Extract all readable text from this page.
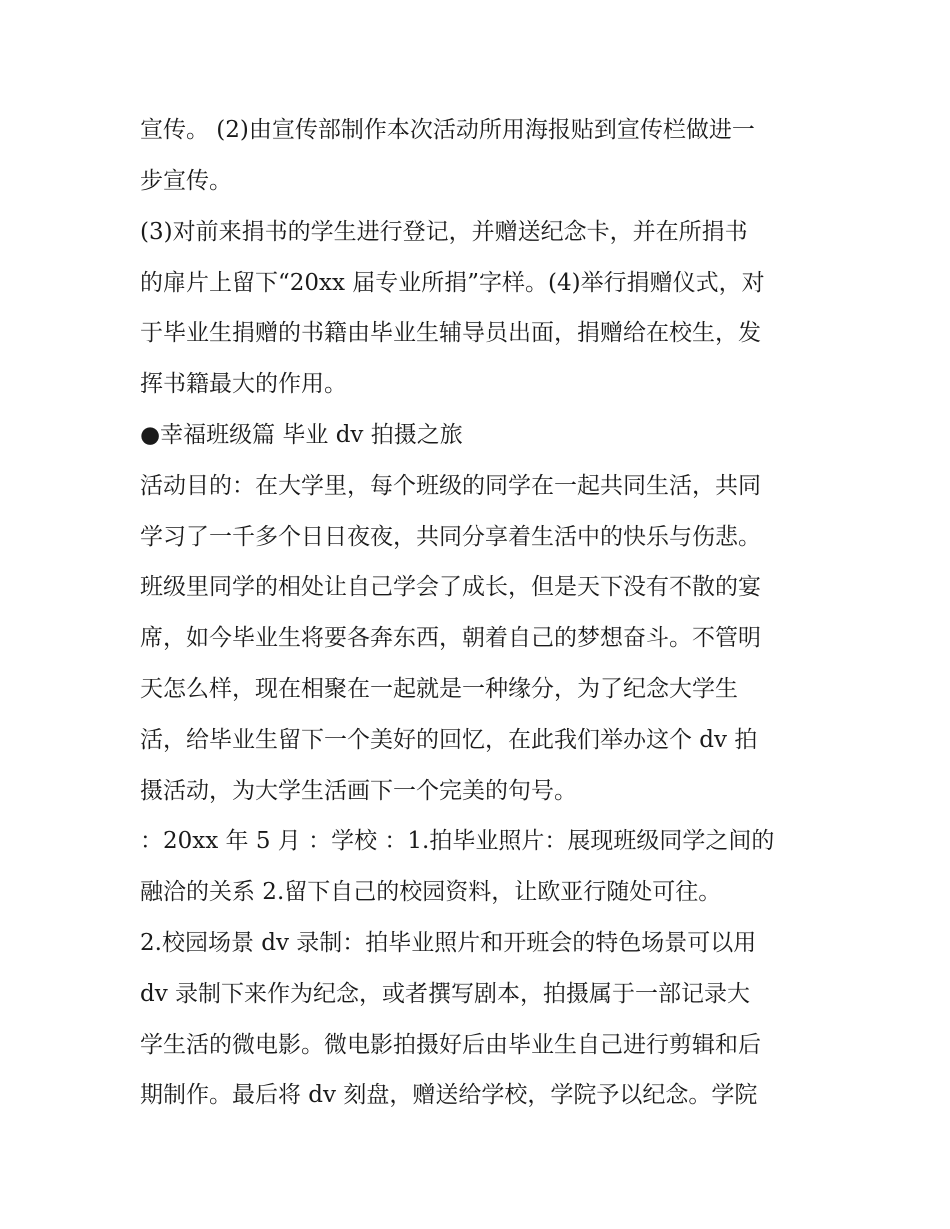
宣传。 (2)由宣传部制作本次活动所用海报贴到宣传栏做进一
步宣传。
(3)对前来捐书的学生进行登记，并赠送纪念卡，并在所捐书
的扉片上留下“20xx 届专业所捐”字样。(4)举行捐赠仪式，对
于毕业生捐赠的书籍由毕业生辅导员出面，捐赠给在校生，发
挥书籍最大的作用。
●幸福班级篇 毕业 dv 拍摄之旅
活动目的：在大学里，每个班级的同学在一起共同生活，共同
学习了一千多个日日夜夜，共同分享着生活中的快乐与伤悲。
班级里同学的相处让自己学会了成长，但是天下没有不散的宴
席，如今毕业生将要各奔东西，朝着自己的梦想奋斗。不管明
天怎么样，现在相聚在一起就是一种缘分，为了纪念大学生
活，给毕业生留下一个美好的回忆，在此我们举办这个 dv 拍
摄活动，为大学生活画下一个完美的句号。
：20xx 年 5 月 ：学校 ：1.拍毕业照片：展现班级同学之间的
融洽的关系 2.留下自己的校园资料，让欧亚行随处可往。
2.校园场景 dv 录制：拍毕业照片和开班会的特色场景可以用
dv 录制下来作为纪念，或者撰写剧本，拍摄属于一部记录大
学生活的微电影。微电影拍摄好后由毕业生自己进行剪辑和后
期制作。最后将 dv 刻盘，赠送给学校，学院予以纪念。学院
